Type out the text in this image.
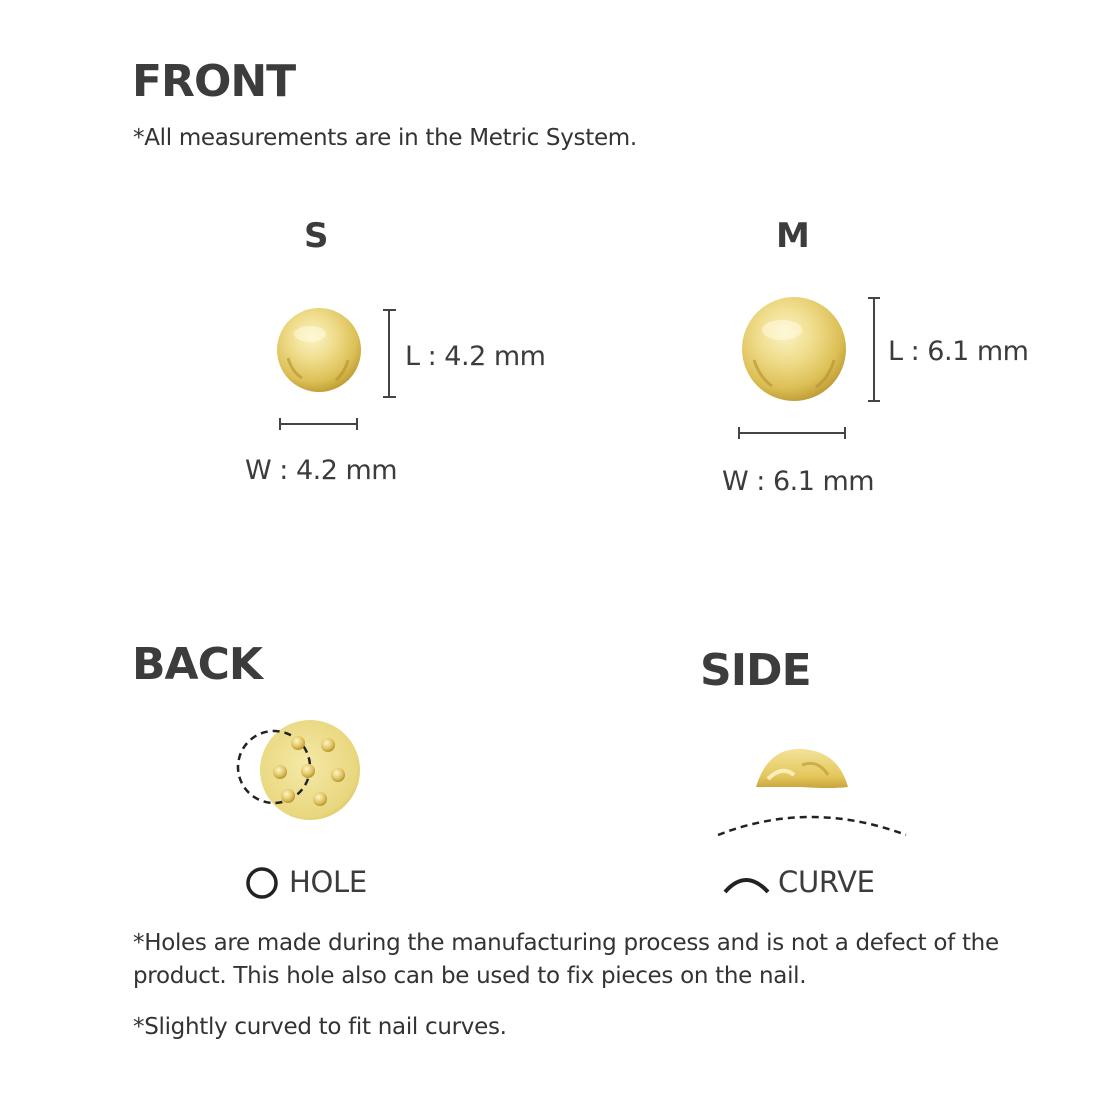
FRONT
*All measurements are in the Metric System.
S
L : 4.2 mm
W : 4.2 mm
M
L : 6.1 mm
W : 6.1 mm
BACK
HOLE
SIDE
CURVE
*Holes are made during the manufacturing process and is not a defect of the product. This hole also can be used to fix pieces on the nail.
*Slightly curved to fit nail curves.
